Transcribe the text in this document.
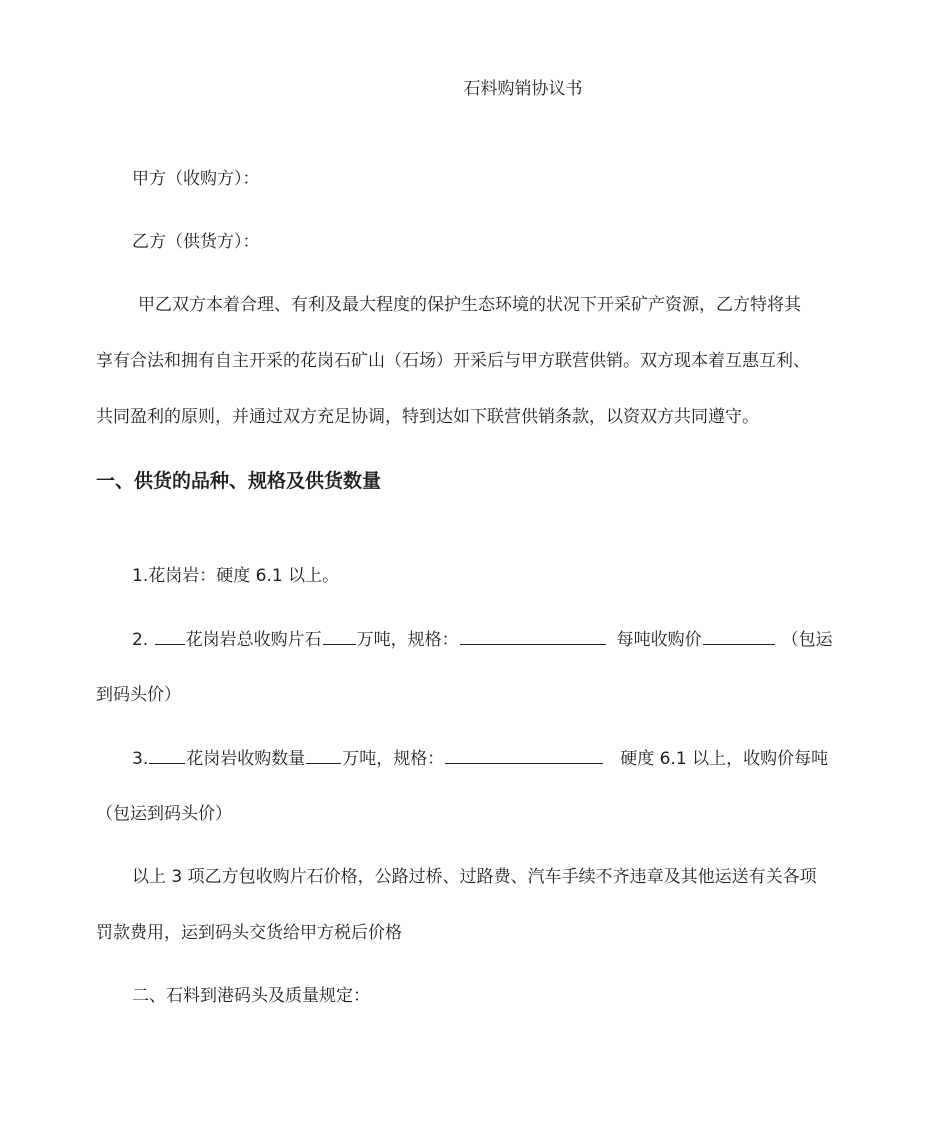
石料购销协议书
甲方（收购方）：
乙方（供货方）：
甲乙双方本着合理、有利及最大程度的保护生态环境的状况下开采矿产资源，乙方特将其
享有合法和拥有自主开采的花岗石矿山（石场）开采后与甲方联营供销。双方现本着互惠互利、
共同盈利的原则，并通过双方充足协调，特到达如下联营供销条款，以资双方共同遵守。
一、供货的品种、规格及供货数量
1.花岗岩：硬度 6.1 以上。
2. 花岗岩总收购片石 万吨，规格：	每吨收购价	（包运
到码头价）
3. 花岗岩收购数量 万吨，规格：	硬度 6.1 以上，收购价每吨
（包运到码头价）
以上 3 项乙方包收购片石价格，公路过桥、过路费、汽车手续不齐违章及其他运送有关各项
罚款费用，运到码头交货给甲方税后价格
二、石料到港码头及质量规定：
